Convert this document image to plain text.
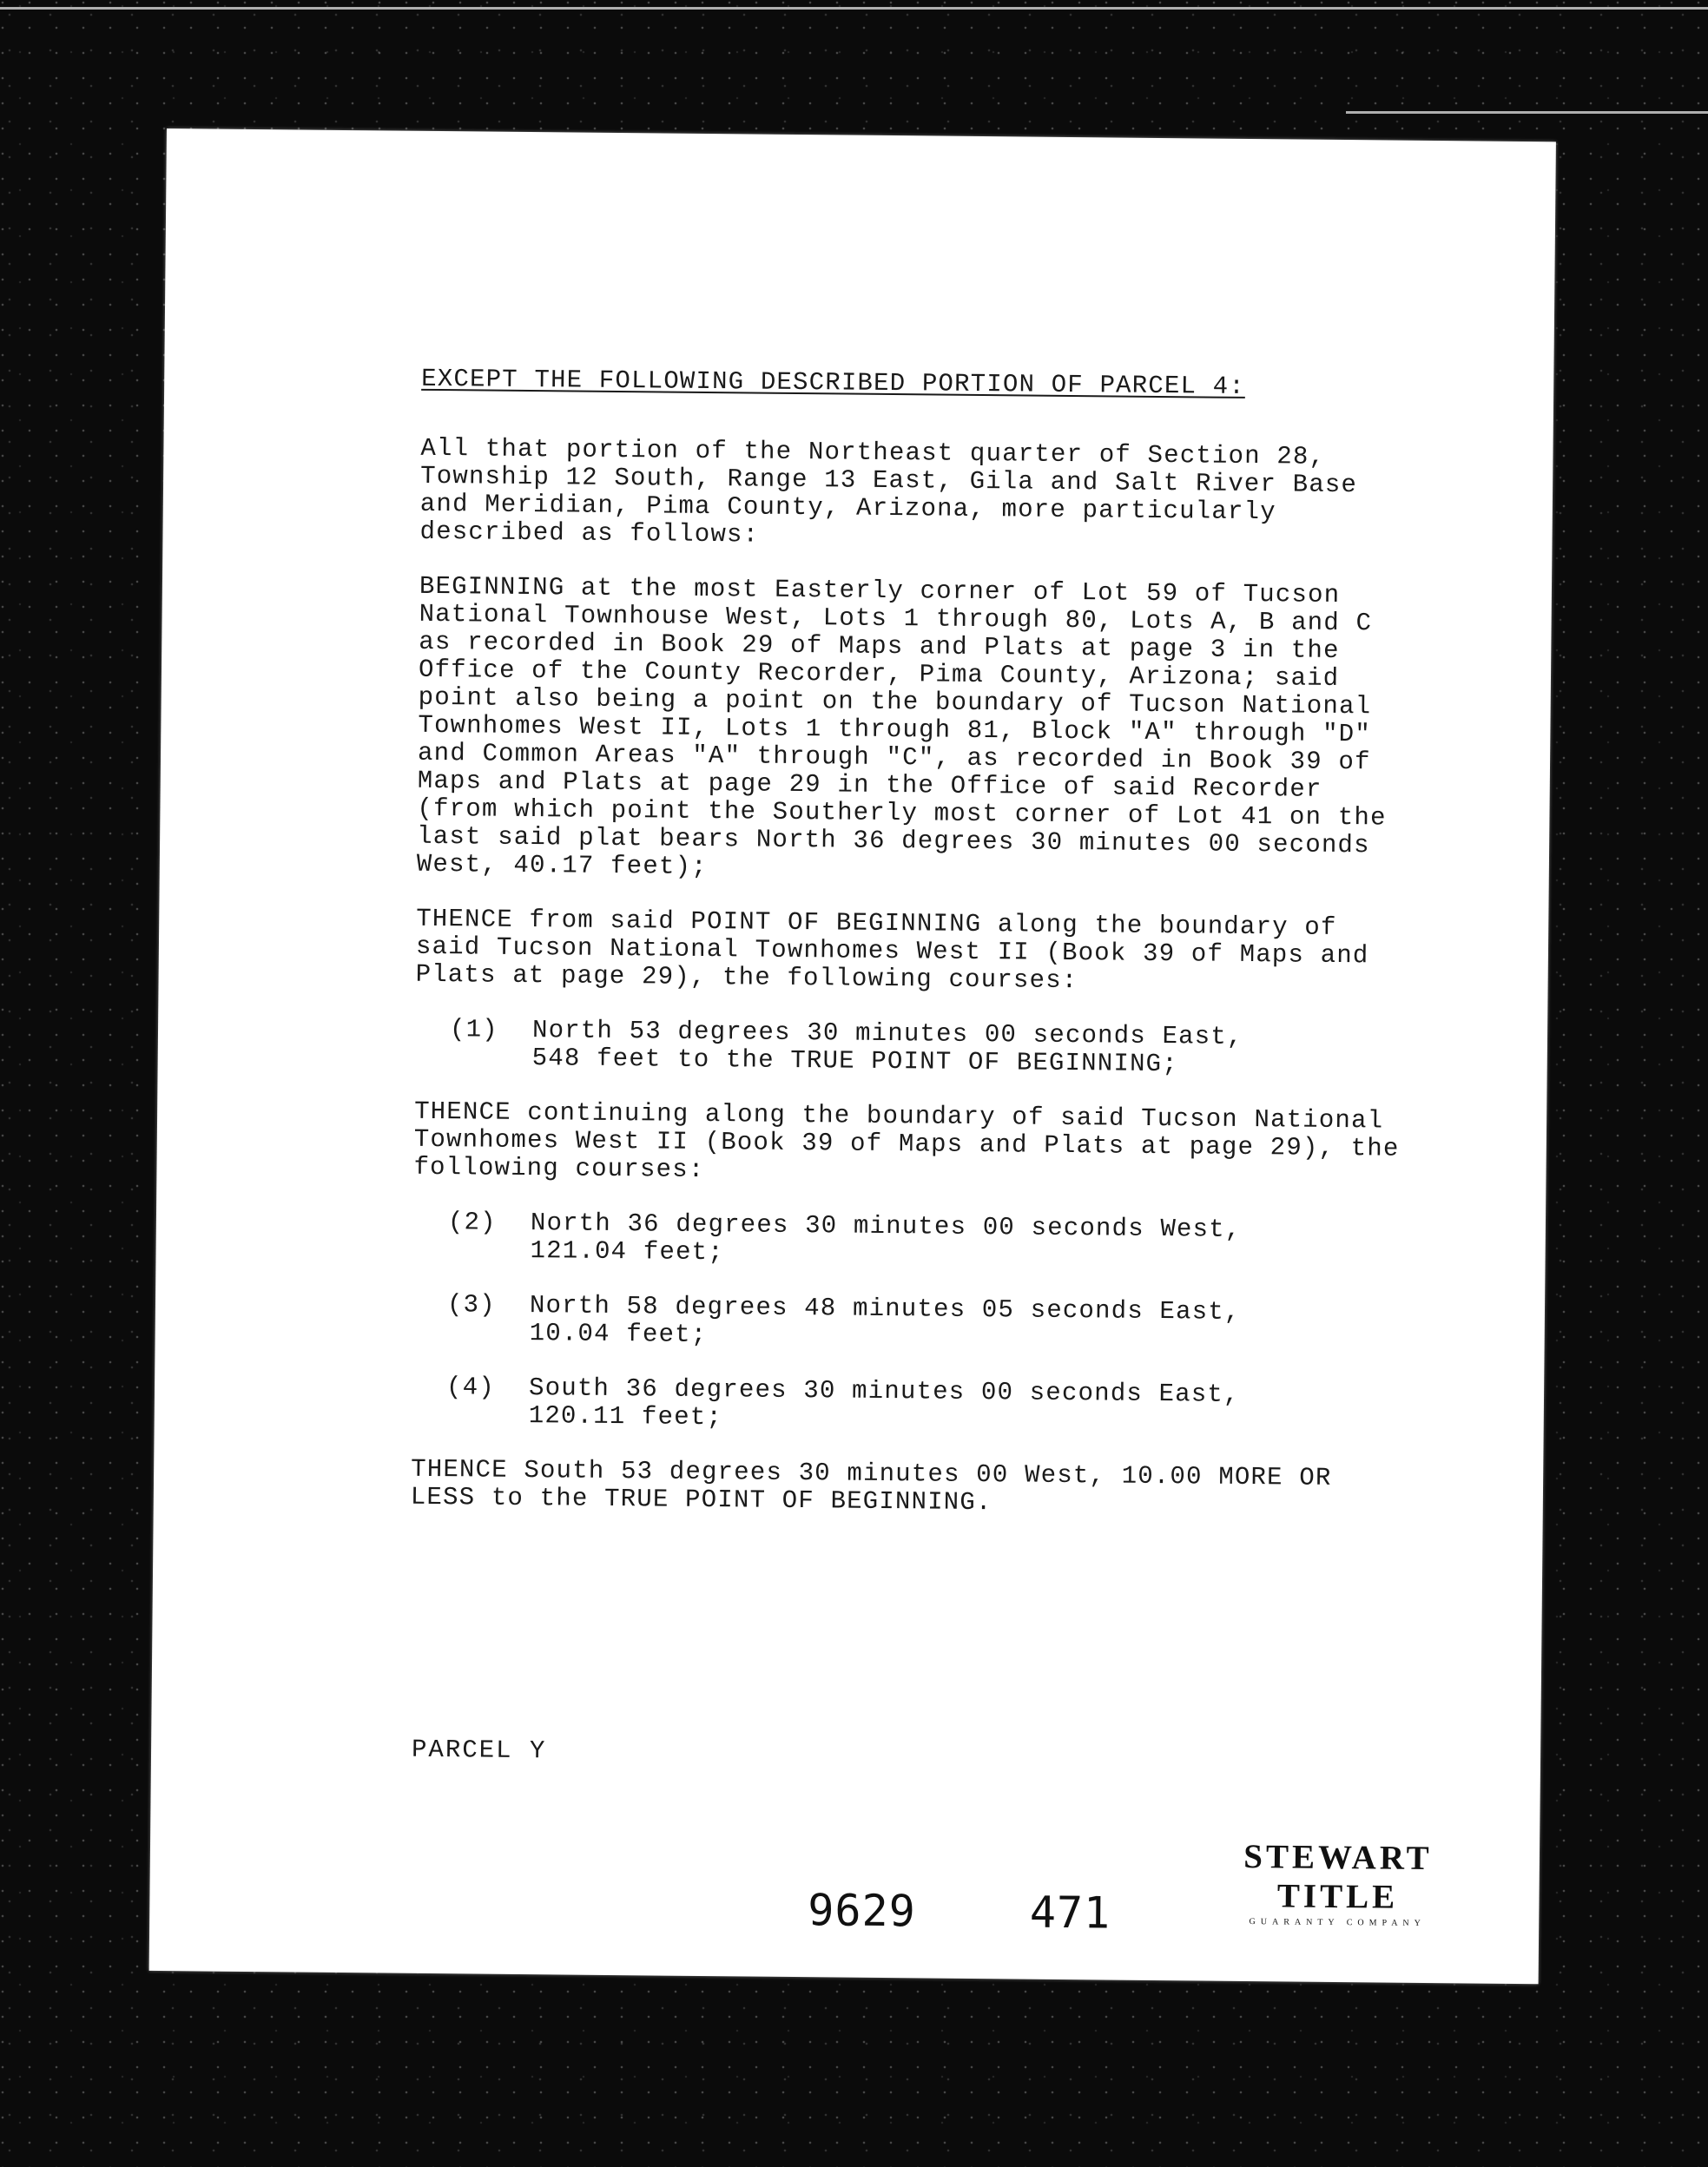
EXCEPT THE FOLLOWING DESCRIBED PORTION OF PARCEL 4:
All that portion of the Northeast quarter of Section 28,
Township 12 South, Range 13 East, Gila and Salt River Base
and Meridian, Pima County, Arizona, more particularly
described as follows:
BEGINNING at the most Easterly corner of Lot 59 of Tucson
National Townhouse West, Lots 1 through 80, Lots A, B and C
as recorded in Book 29 of Maps and Plats at page 3 in the
Office of the County Recorder, Pima County, Arizona; said
point also being a point on the boundary of Tucson National
Townhomes West II, Lots 1 through 81, Block "A" through "D"
and Common Areas "A" through "C", as recorded in Book 39 of
Maps and Plats at page 29 in the Office of said Recorder
(from which point the Southerly most corner of Lot 41 on the
last said plat bears North 36 degrees 30 minutes 00 seconds
West, 40.17 feet);
THENCE from said POINT OF BEGINNING along the boundary of
said Tucson National Townhomes West II (Book 39 of Maps and
Plats at page 29), the following courses:
(1)	North 53 degrees 30 minutes 00 seconds East,
548 feet to the TRUE POINT OF BEGINNING;
THENCE continuing along the boundary of said Tucson National
Townhomes West II (Book 39 of Maps and Plats at page 29), the
following courses:
(2)	North 36 degrees 30 minutes 00 seconds West,
121.04 feet;
(3)	North 58 degrees 48 minutes 05 seconds East,
10.04 feet;
(4)	South 36 degrees 30 minutes 00 seconds East,
120.11 feet;
THENCE South 53 degrees 30 minutes 00 West, 10.00 MORE OR
LESS to the TRUE POINT OF BEGINNING.
PARCEL Y
9629	471
STEWART TITLE
GUARANTY COMPANY
